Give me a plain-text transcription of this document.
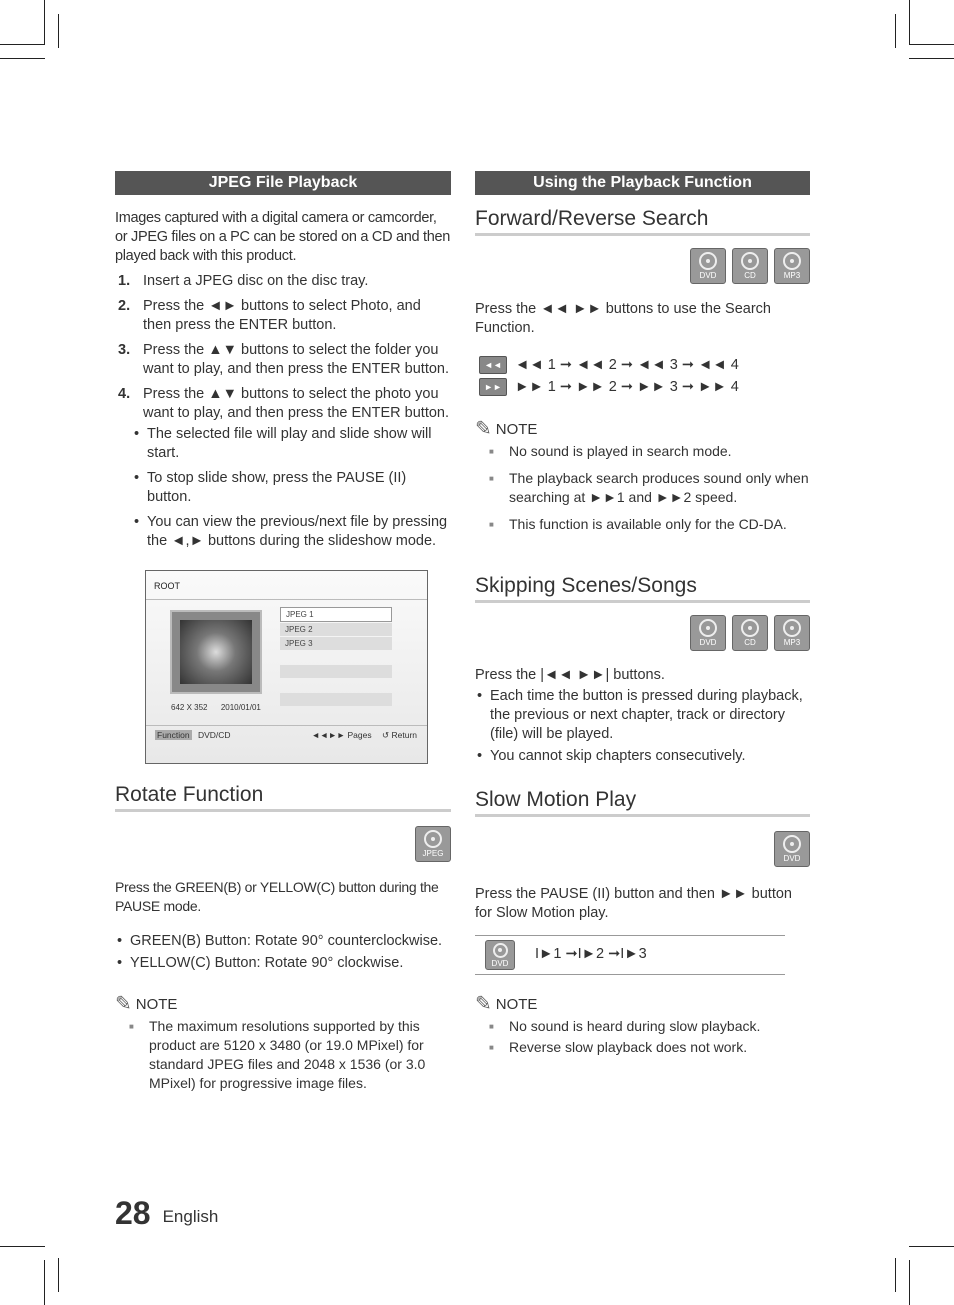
JPEG File Playback

Images captured with a digital camera or camcorder, or JPEG files on a PC can be stored on a CD and then played back with this product.

1. Insert a JPEG disc on the disc tray.
2. Press the ◄► buttons to select Photo, and then press the ENTER button.
3. Press the ▲▼ buttons to select the folder you want to play, and then press the ENTER button.
4. Press the ▲▼ buttons to select the photo you want to play, and then press the ENTER button.
• The selected file will play and slide show will start.
• To stop slide show, press the PAUSE (II) button.
• You can view the previous/next file by pressing the ◄,► buttons during the slideshow mode.
ROOT
JPEG 1
JPEG 2
JPEG 3
642 X 352 2010/01/01
Function DVD/CD	◄◄►► Pages ↺ Return
Rotate Function
JPEG

Press the GREEN(B) or YELLOW(C) button during the PAUSE mode.

• GREEN(B) Button: Rotate 90° counterclockwise.
• YELLOW(C) Button: Rotate 90° clockwise.
✎ NOTE
■ The maximum resolutions supported by this product are 5120 x 3480 (or 19.0 MPixel) for standard JPEG files and 2048 x 1536 (or 3.0 MPixel) for progressive image files.
Using the Playback Function
Forward/Reverse Search
DVD	CD	MP3

Press the ◄◄ ►► buttons to use the Search Function.

◄◄ ◄◄ 1 ➞ ◄◄ 2 ➞ ◄◄ 3 ➞ ◄◄ 4
►► ►► 1 ➞ ►► 2 ➞ ►► 3 ➞ ►► 4
✎ NOTE
■ No sound is played in search mode.
■ The playback search produces sound only when searching at ►►1 and ►►2 speed.
■ This function is available only for the CD-DA.
Skipping Scenes/Songs
DVD	CD	MP3

Press the |◄◄ ►►| buttons.

• Each time the button is pressed during playback, the previous or next chapter, track or directory (file) will be played.
• You cannot skip chapters consecutively.
Slow Motion Play
DVD

Press the PAUSE (II) button and then ►► button for Slow Motion play.

DVD
I►1 ➞I►2 ➞I►3
✎ NOTE
■ No sound is heard during slow playback.
■ Reverse slow playback does not work.
28 English
